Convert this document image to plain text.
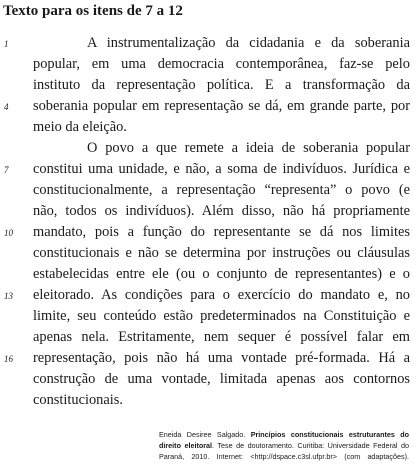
Texto para os itens de 7 a 12
1	A instrumentalização da cidadania e da soberania
popular, em uma democracia contemporânea, faz-se pelo
instituto da representação política. E a transformação da
4 soberania popular em representação se dá, em grande parte, por
meio da eleição.
O povo a que remete a ideia de soberania popular
7 constitui uma unidade, e não, a soma de indivíduos. Jurídica e
constitucionalmente, a representação “representa” o povo (e
não, todos os indivíduos). Além disso, não há propriamente
10 mandato, pois a função do representante se dá nos limites
constitucionais e não se determina por instruções ou cláusulas
estabelecidas entre ele (ou o conjunto de representantes) e o
13 eleitorado. As condições para o exercício do mandato e, no
limite, seu conteúdo estão predeterminados na Constituição e
apenas nela. Estritamente, nem sequer é possível falar em
16 representação, pois não há uma vontade pré-formada. Há a
construção de uma vontade, limitada apenas aos contornos
constitucionais.
Eneida Desiree Salgado. Princípios constitucionais estruturantes do
direito eleitoral. Tese de doutoramento. Curitiba: Universidade Federal do
Paraná, 2010. Internet: <http://dspace.c3sl.ufpr.br> (com adaptações).
